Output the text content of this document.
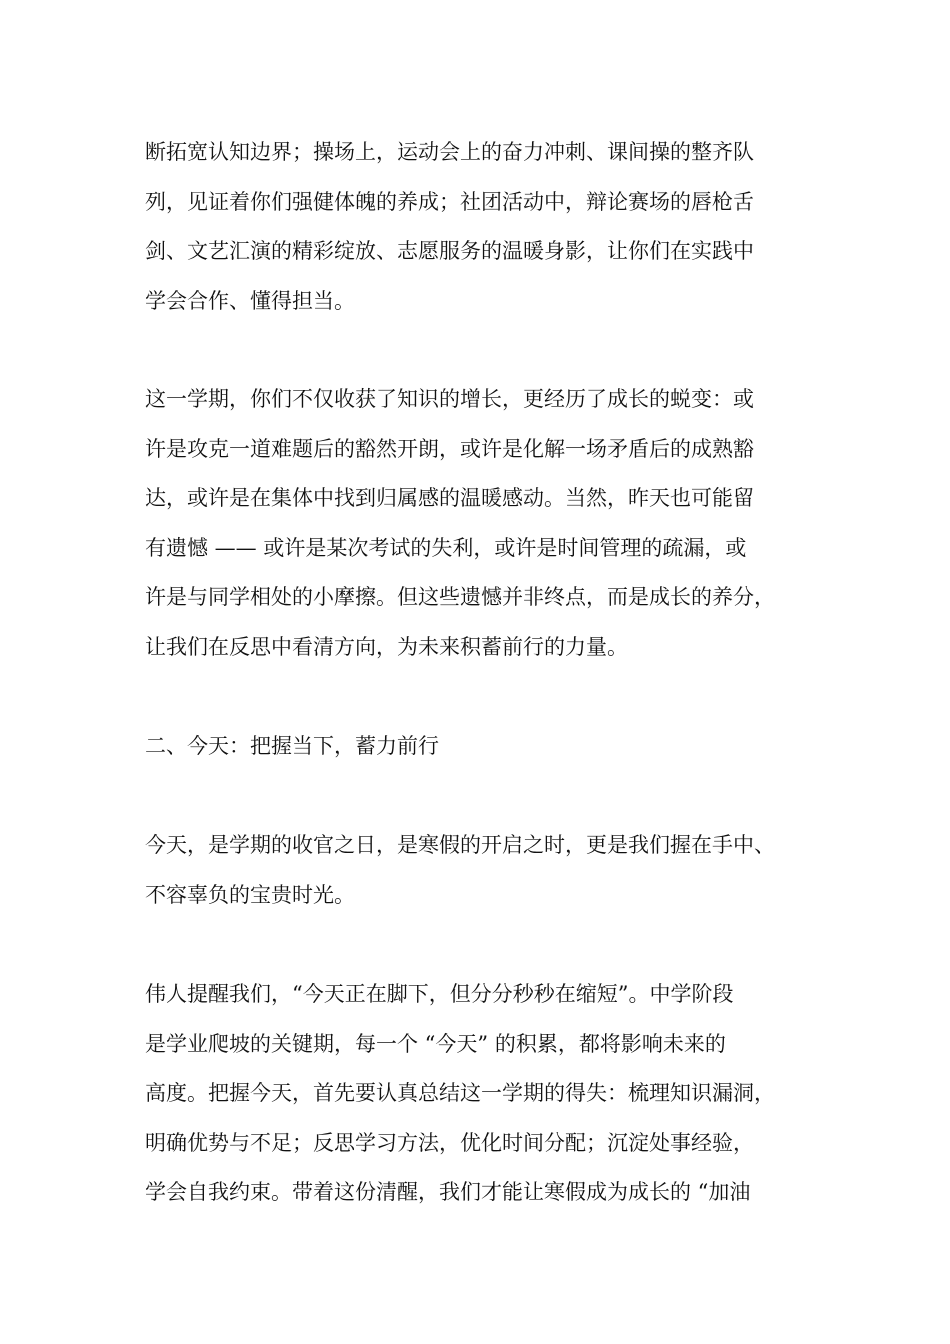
断拓宽认知边界；操场上，运动会上的奋力冲刺、课间操的整齐队
列，见证着你们强健体魄的养成；社团活动中，辩论赛场的唇枪舌
剑、文艺汇演的精彩绽放、志愿服务的温暖身影，让你们在实践中
学会合作、懂得担当。

这一学期，你们不仅收获了知识的增长，更经历了成长的蜕变：或
许是攻克一道难题后的豁然开朗，或许是化解一场矛盾后的成熟豁
达，或许是在集体中找到归属感的温暖感动。当然，昨天也可能留
有遗憾 —— 或许是某次考试的失利，或许是时间管理的疏漏，或
许是与同学相处的小摩擦。但这些遗憾并非终点，而是成长的养分，
让我们在反思中看清方向，为未来积蓄前行的力量。

二、今天：把握当下，蓄力前行

今天，是学期的收官之日，是寒假的开启之时，更是我们握在手中、
不容辜负的宝贵时光。

伟人提醒我们，“今天正在脚下，但分分秒秒在缩短”。中学阶段
是学业爬坡的关键期，每一个 “今天” 的积累，都将影响未来的
高度。把握今天，首先要认真总结这一学期的得失：梳理知识漏洞，
明确优势与不足；反思学习方法，优化时间分配；沉淀处事经验，
学会自我约束。带着这份清醒，我们才能让寒假成为成长的 “加油
